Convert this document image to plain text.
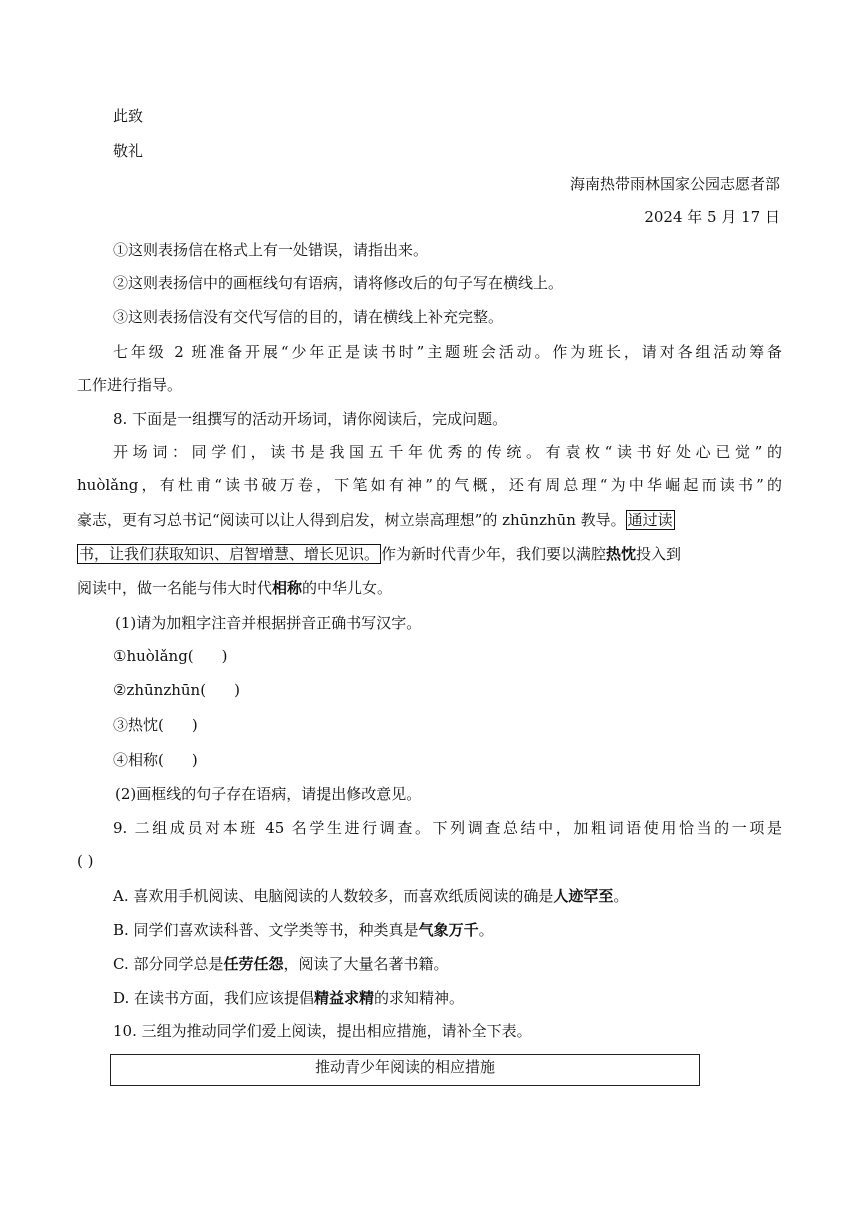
此致
敬礼
海南热带雨林国家公园志愿者部
2024 年 5 月 17 日
①这则表扬信在格式上有一处错误，请指出来。
②这则表扬信中的画框线句有语病，请将修改后的句子写在横线上。
③这则表扬信没有交代写信的目的，请在横线上补充完整。
七年级 2 班准备开展“少年正是读书时”主题班会活动。作为班长，请对各组活动筹备
工作进行指导。
8. 下面是一组撰写的活动开场词，请你阅读后，完成问题。
开场词：同学们，读书是我国五千年优秀的传统。有袁枚“读书好处心已觉”的
huòlǎng，有杜甫“读书破万卷，下笔如有神”的气概，还有周总理“为中华崛起而读书”的
豪志，更有习总书记“阅读可以让人得到启发，树立崇高理想”的 zhūnzhūn 教导。 通过读
书，让我们获取知识、启智增慧、增长见识。 作为新时代青少年，我们要以满腔热忱投入到
阅读中，做一名能与伟大时代相称的中华儿女。
(1)请为加粗字注音并根据拼音正确书写汉字。
①huòlǎng( )
②zhūnzhūn( )
③热忱( )
④相称( )
(2)画框线的句子存在语病，请提出修改意见。
9. 二组成员对本班 45 名学生进行调查。下列调查总结中，加粗词语使用恰当的一项是
( )
A. 喜欢用手机阅读、电脑阅读的人数较多，而喜欢纸质阅读的确是人迹罕至。
B. 同学们喜欢读科普、文学类等书，种类真是气象万千。
C. 部分同学总是任劳任怨，阅读了大量名著书籍。
D. 在读书方面，我们应该提倡精益求精的求知精神。
10. 三组为推动同学们爱上阅读，提出相应措施，请补全下表。
推动青少年阅读的相应措施
